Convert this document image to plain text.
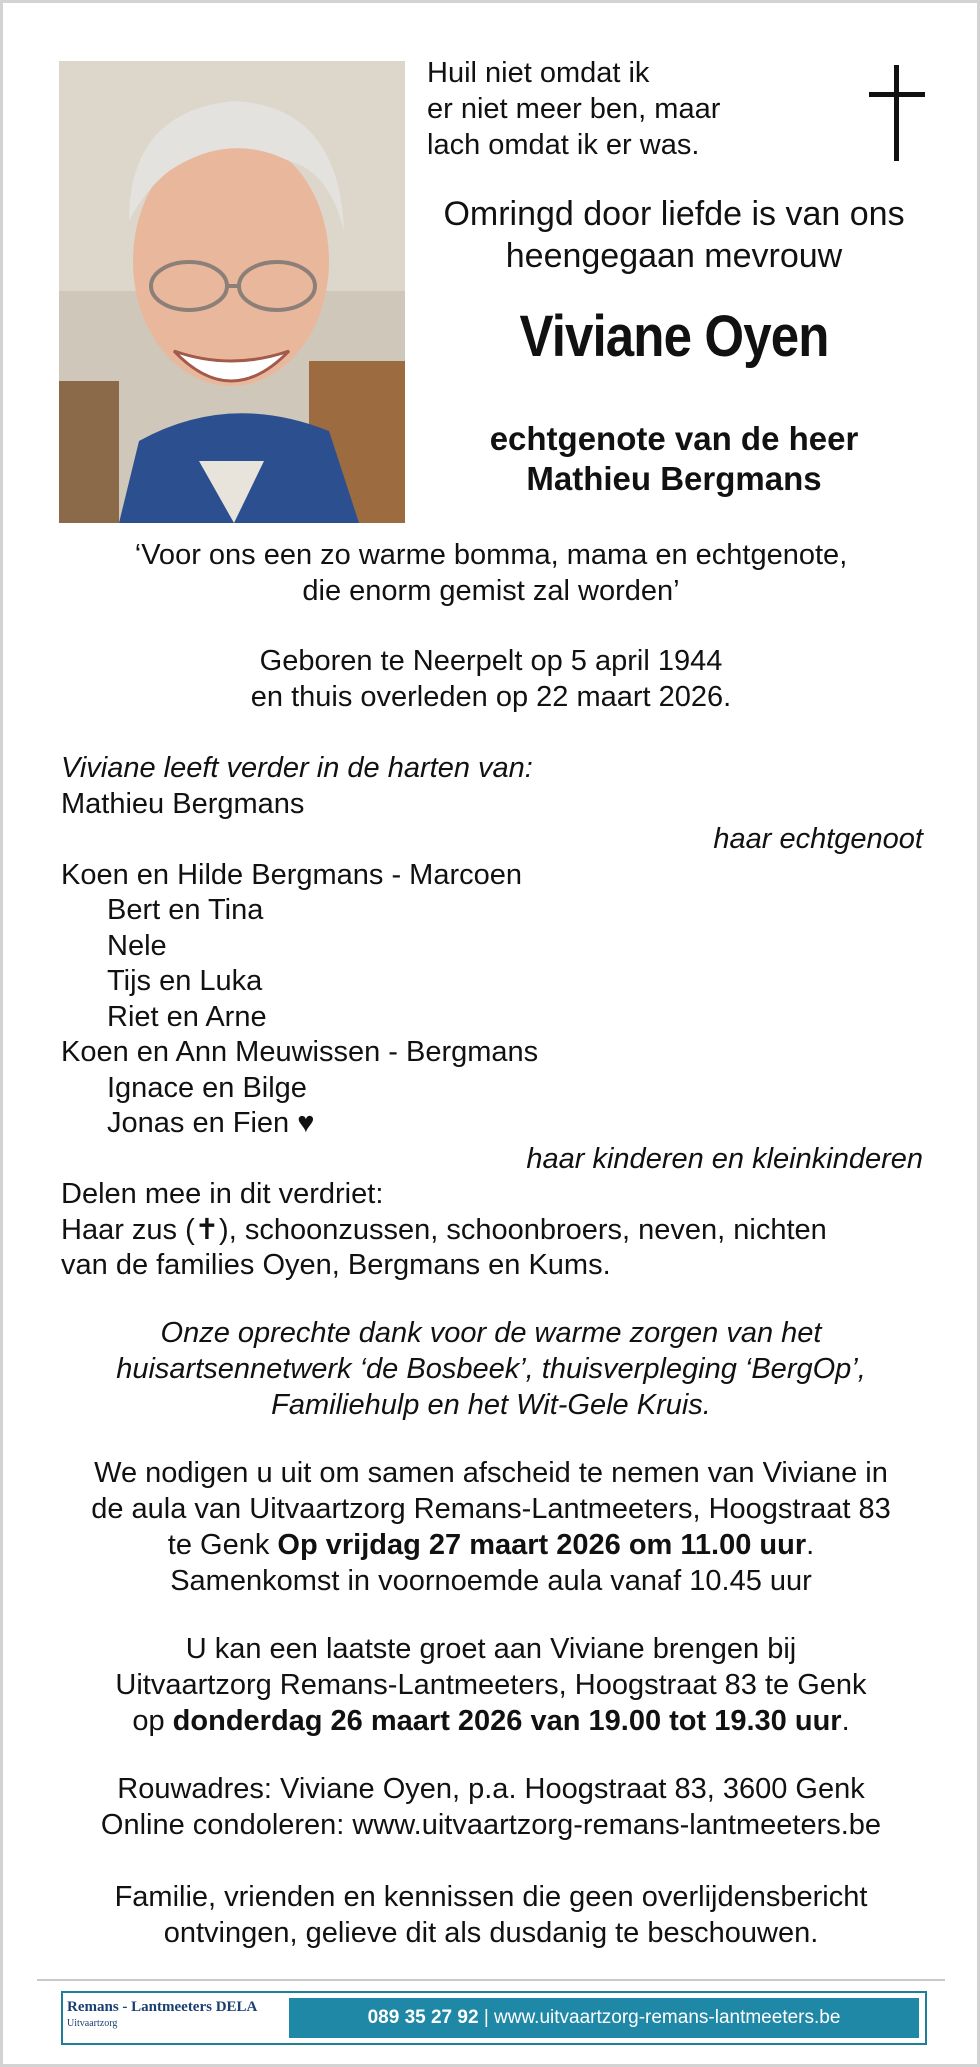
Huil niet omdat ik
er niet meer ben, maar
lach omdat ik er was.
Omringd door liefde is van ons
heengegaan mevrouw
Viviane Oyen
echtgenote van de heer
Mathieu Bergmans
‘Voor ons een zo warme bomma, mama en echtgenote,
die enorm gemist zal worden’
Geboren te Neerpelt op 5 april 1944
en thuis overleden op 22 maart 2026.
Viviane leeft verder in de harten van:
Mathieu Bergmans
haar echtgenoot
Koen en Hilde Bergmans - Marcoen
Bert en Tina
Nele
Tijs en Luka
Riet en Arne
Koen en Ann Meuwissen - Bergmans
Ignace en Bilge
Jonas en Fien ♥
haar kinderen en kleinkinderen
Delen mee in dit verdriet:
Haar zus (✝), schoonzussen, schoonbroers, neven, nichten
van de families Oyen, Bergmans en Kums.
Onze oprechte dank voor de warme zorgen van het
huisartsennetwerk ‘de Bosbeek’, thuisverpleging ‘BergOp’,
Familiehulp en het Wit-Gele Kruis.
We nodigen u uit om samen afscheid te nemen van Viviane in
de aula van Uitvaartzorg Remans-Lantmeeters, Hoogstraat 83
te Genk Op vrijdag 27 maart 2026 om 11.00 uur.
Samenkomst in voornoemde aula vanaf 10.45 uur
U kan een laatste groet aan Viviane brengen bij
Uitvaartzorg Remans-Lantmeeters, Hoogstraat 83 te Genk
op donderdag 26 maart 2026 van 19.00 tot 19.30 uur.
Rouwadres: Viviane Oyen, p.a. Hoogstraat 83, 3600 Genk
Online condoleren: www.uitvaartzorg-remans-lantmeeters.be
Familie, vrienden en kennissen die geen overlijdensbericht
ontvingen, gelieve dit als dusdanig te beschouwen.
Remans - Lantmeeters DELA
Uitvaartzorg	089 35 27 92 | www.uitvaartzorg-remans-lantmeeters.be
